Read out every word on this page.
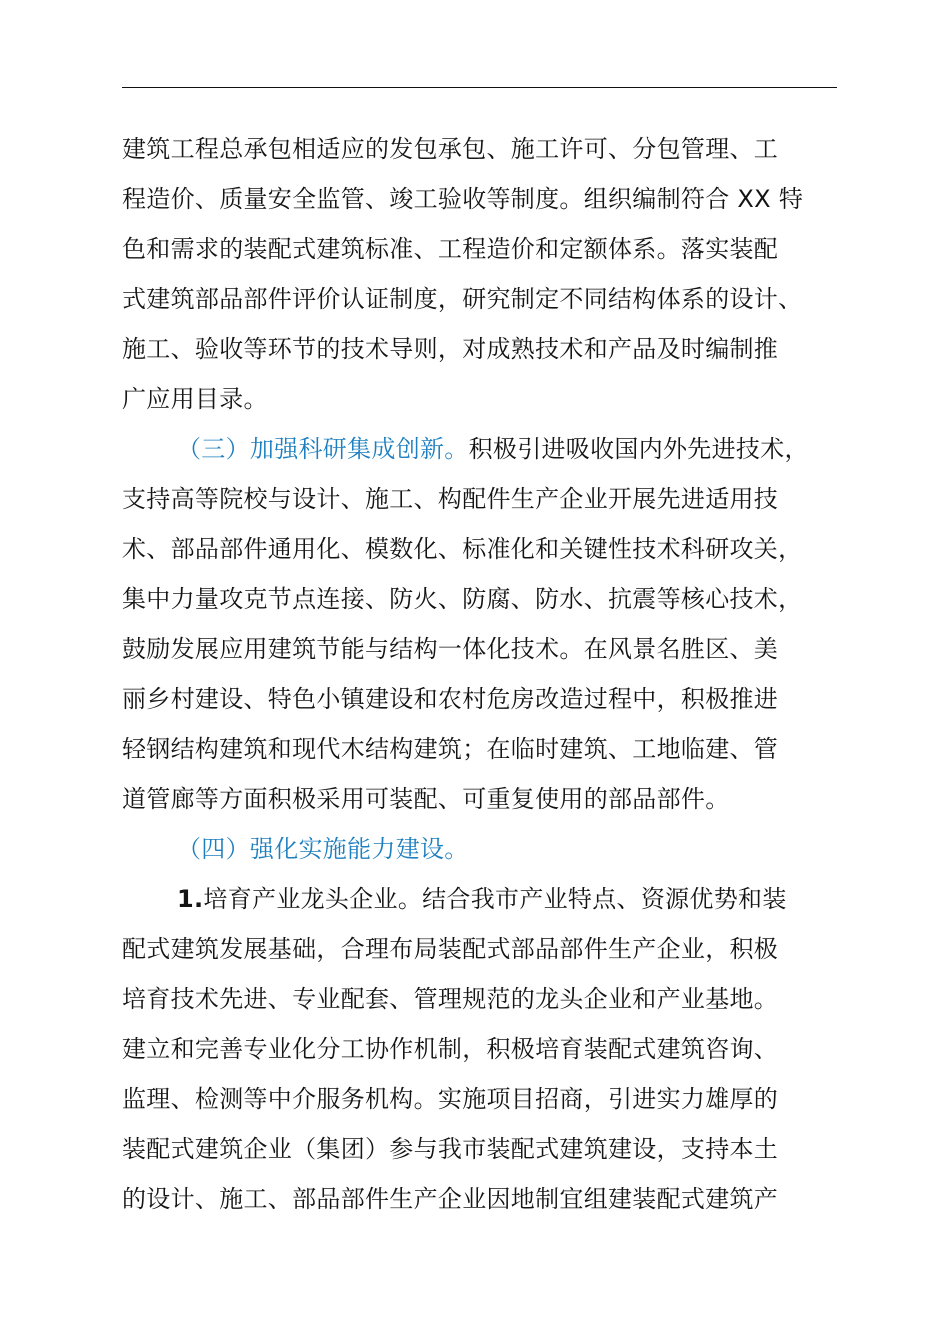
建筑工程总承包相适应的发包承包、施工许可、分包管理、工
程造价、质量安全监管、竣工验收等制度。组织编制符合 XX 特
色和需求的装配式建筑标准、工程造价和定额体系。落实装配
式建筑部品部件评价认证制度，研究制定不同结构体系的设计、
施工、验收等环节的技术导则，对成熟技术和产品及时编制推
广应用目录。
（三）加强科研集成创新。积极引进吸收国内外先进技术，
支持高等院校与设计、施工、构配件生产企业开展先进适用技
术、部品部件通用化、模数化、标准化和关键性技术科研攻关，
集中力量攻克节点连接、防火、防腐、防水、抗震等核心技术，
鼓励发展应用建筑节能与结构一体化技术。在风景名胜区、美
丽乡村建设、特色小镇建设和农村危房改造过程中，积极推进
轻钢结构建筑和现代木结构建筑；在临时建筑、工地临建、管
道管廊等方面积极采用可装配、可重复使用的部品部件。
（四）强化实施能力建设。
1.培育产业龙头企业。结合我市产业特点、资源优势和装
配式建筑发展基础，合理布局装配式部品部件生产企业，积极
培育技术先进、专业配套、管理规范的龙头企业和产业基地。
建立和完善专业化分工协作机制，积极培育装配式建筑咨询、
监理、检测等中介服务机构。实施项目招商，引进实力雄厚的
装配式建筑企业（集团）参与我市装配式建筑建设，支持本土
的设计、施工、部品部件生产企业因地制宜组建装配式建筑产
